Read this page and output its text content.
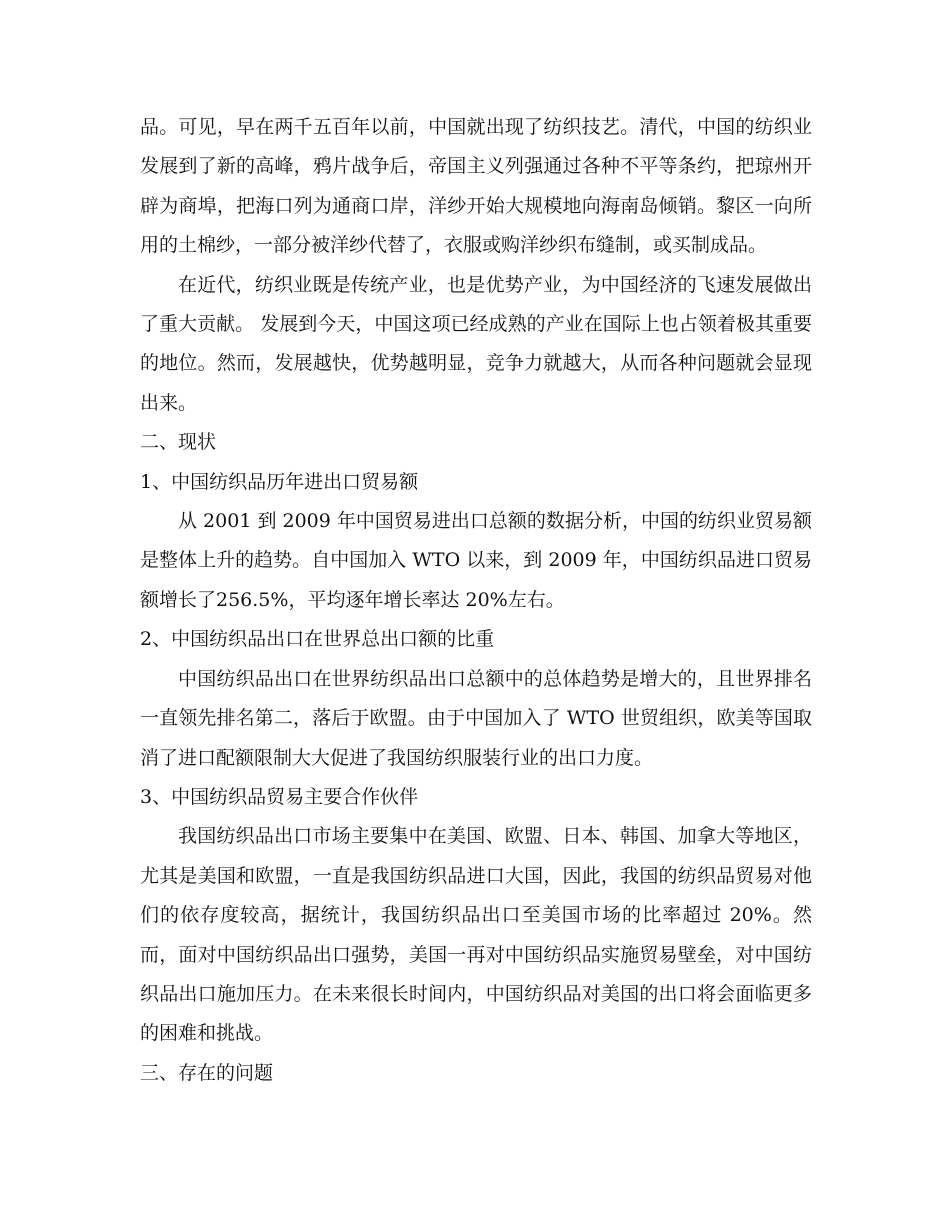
品。可见，早在两千五百年以前，中国就出现了纺织技艺。清代，中国的纺织业发展到了新的高峰，鸦片战争后，帝国主义列强通过各种不平等条约，把琼州开辟为商埠，把海口列为通商口岸，洋纱开始大规模地向海南岛倾销。黎区一向所用的土棉纱，一部分被洋纱代替了，衣服或购洋纱织布缝制，或买制成品。

在近代，纺织业既是传统产业，也是优势产业，为中国经济的飞速发展做出了重大贡献。 发展到今天，中国这项已经成熟的产业在国际上也占领着极其重要的地位。然而，发展越快，优势越明显，竞争力就越大，从而各种问题就会显现出来。

二、现状

1、中国纺织品历年进出口贸易额

从 2001 到 2009 年中国贸易进出口总额的数据分析，中国的纺织业贸易额是整体上升的趋势。自中国加入 WTO 以来，到 2009 年，中国纺织品进口贸易额增长了256.5%，平均逐年增长率达 20%左右。

2、中国纺织品出口在世界总出口额的比重

中国纺织品出口在世界纺织品出口总额中的总体趋势是增大的，且世界排名一直领先排名第二，落后于欧盟。由于中国加入了 WTO 世贸组织，欧美等国取消了进口配额限制大大促进了我国纺织服装行业的出口力度。

3、中国纺织品贸易主要合作伙伴

我国纺织品出口市场主要集中在美国、欧盟、日本、韩国、加拿大等地区，尤其是美国和欧盟，一直是我国纺织品进口大国，因此，我国的纺织品贸易对他们的依存度较高，据统计，我国纺织品出口至美国市场的比率超过 20%。然而，面对中国纺织品出口强势，美国一再对中国纺织品实施贸易壁垒，对中国纺织品出口施加压力。在未来很长时间内，中国纺织品对美国的出口将会面临更多的困难和挑战。

三、存在的问题
